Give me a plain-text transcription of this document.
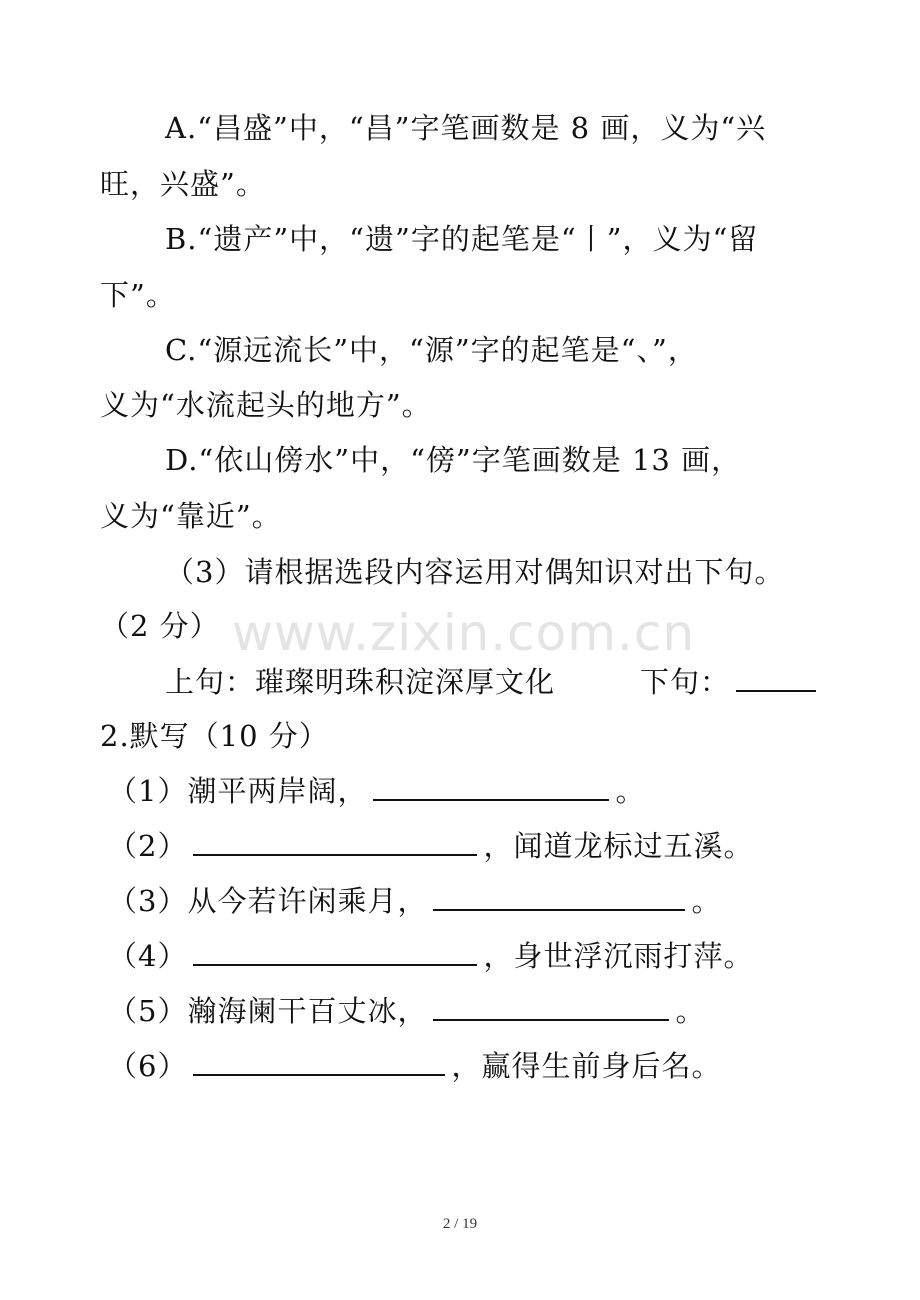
www.zixin.com.cn
A.“昌盛”中，“昌”字笔画数是 8 画，义为“兴
旺，兴盛”。
B.“遗产”中，“遗”字的起笔是“丨”，义为“留
下”。
C.“源远流长”中，“源”字的起笔是“、”，
义为“水流起头的地方”。
D.“依山傍水”中，“傍”字笔画数是 13 画，
义为“靠近”。
（3）请根据选段内容运用对偶知识对出下句。
（2 分）
上句：璀璨明珠积淀深厚文化	下句：
2.默写（10 分）
（1）潮平两岸阔，	。
（2）	，闻道龙标过五溪。
（3）从今若许闲乘月，	。
（4）	，身世浮沉雨打萍。
（5）瀚海阑干百丈冰，	。
（6）	，赢得生前身后名。
2 / 19
